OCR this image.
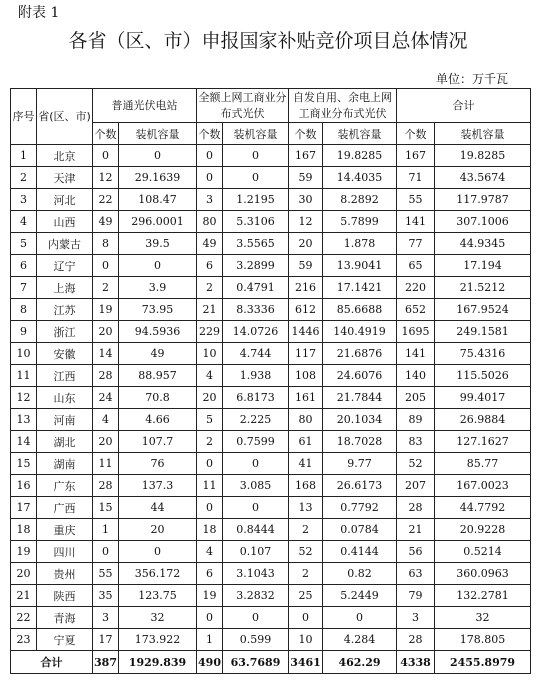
附表 1
各省（区、市）申报国家补贴竞价项目总体情况
单位：万千瓦
序号	省(区、市)	普通光伏电站		全额上网工商业分布式光伏		自发自用、余电上网工商业分布式光伏		合计	
		个数	装机容量	个数	装机容量	个数	装机容量	个数	装机容量
1	北京	0	0	0	0	167	19.8285	167	19.8285
2	天津	12	29.1639	0	0	59	14.4035	71	43.5674
3	河北	22	108.47	3	1.2195	30	8.2892	55	117.9787
4	山西	49	296.0001	80	5.3106	12	5.7899	141	307.1006
5	内蒙古	8	39.5	49	3.5565	20	1.878	77	44.9345
6	辽宁	0	0	6	3.2899	59	13.9041	65	17.194
7	上海	2	3.9	2	0.4791	216	17.1421	220	21.5212
8	江苏	19	73.95	21	8.3336	612	85.6688	652	167.9524
9	浙江	20	94.5936	229	14.0726	1446	140.4919	1695	249.1581
10	安徽	14	49	10	4.744	117	21.6876	141	75.4316
11	江西	28	88.957	4	1.938	108	24.6076	140	115.5026
12	山东	24	70.8	20	6.8173	161	21.7844	205	99.4017
13	河南	4	4.66	5	2.225	80	20.1034	89	26.9884
14	湖北	20	107.7	2	0.7599	61	18.7028	83	127.1627
15	湖南	11	76	0	0	41	9.77	52	85.77
16	广东	28	137.3	11	3.085	168	26.6173	207	167.0023
17	广西	15	44	0	0	13	0.7792	28	44.7792
18	重庆	1	20	18	0.8444	2	0.0784	21	20.9228
19	四川	0	0	4	0.107	52	0.4144	56	0.5214
20	贵州	55	356.172	6	3.1043	2	0.82	63	360.0963
21	陕西	35	123.75	19	3.2832	25	5.2449	79	132.2781
22	青海	3	32	0	0	0	0	3	32
23	宁夏	17	173.922	1	0.599	10	4.284	28	178.805
合计		387	1929.839	490	63.7689	3461	462.29	4338	2455.8979
